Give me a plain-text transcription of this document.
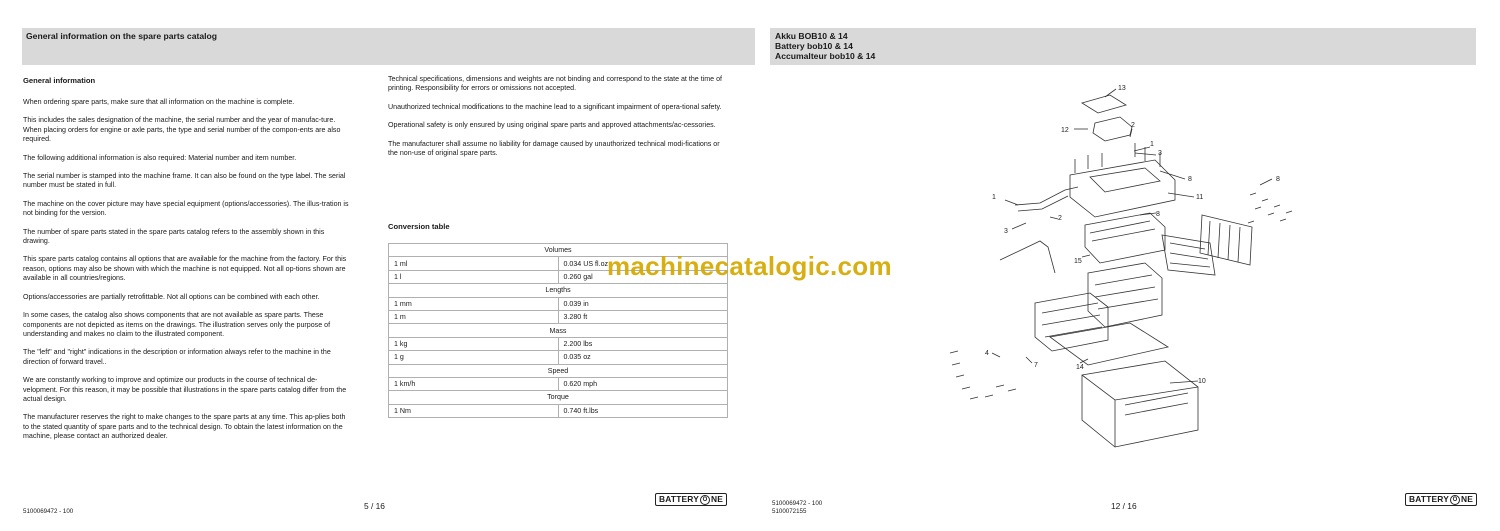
General information on the spare parts catalog
General information

When ordering spare parts, make sure that all information on the machine is complete.

This includes the sales designation of the machine, the serial number and the year of manufac-ture. When placing orders for engine or axle parts, the type and serial number of the compon-ents are also required.

The following additional information is also required: Material number and item number.

The serial number is stamped into the machine frame. It can also be found on the type label. The serial number must be stated in full.

The machine on the cover picture may have special equipment (options/accessories). The illus-tration is not binding for the version.

The number of spare parts stated in the spare parts catalog refers to the assembly shown in this drawing.

This spare parts catalog contains all options that are available for the machine from the factory. For this reason, options may also be shown with which the machine is not equipped. Not all op-tions shown are available in all countries/regions.

Options/accessories are partially retrofittable. Not all options can be combined with each other.

In some cases, the catalog also shows components that are not available as spare parts. These components are not depicted as items on the drawings. The illustration serves only the purpose of understanding and makes no claim to the illustrated component.

The "left" and "right" indications in the description or information always refer to the machine in the direction of forward travel..

We are constantly working to improve and optimize our products in the course of technical de-velopment. For this reason, it may be possible that illustrations in the spare parts catalog differ from the actual design.

The manufacturer reserves the right to make changes to the spare parts at any time. This ap-plies both to the stated quantity of spare parts and to the technical design. To obtain the latest information on the machine, please contact an authorized dealer.

Technical specifications, dimensions and weights are not binding and correspond to the state at the time of printing. Responsibility for errors or omissions not accepted.

Unauthorized technical modifications to the machine lead to a significant impairment of opera-tional safety.

Operational safety is only ensured by using original spare parts and approved attachments/ac-cessories.

The manufacturer shall assume no liability for damage caused by unauthorized technical modi-fications or the non-use of original spare parts.

Conversion table
Volumes	
1 ml	0.034 US fl.oz
1 l	0.260 gal
Lengths	
1 mm	0.039 in
1 m	3.280 ft
Mass	
1 kg	2.200 lbs
1 g	0.035 oz
Speed	
1 km/h	0.620 mph
Torque	
1 Nm	0.740 ft.lbs
5100069472 - 100
5 / 16
BATTERY O NE
Akku BOB10 & 14
Battery bob10 & 14
Accumalteur bob10 & 14
13
12
2
1
3
8
11
1
2
3
8
15
8
4
7	14
10
5100069472 - 100
5100072155
12 / 16
BATTERY O NE
machinecatalogic.com
